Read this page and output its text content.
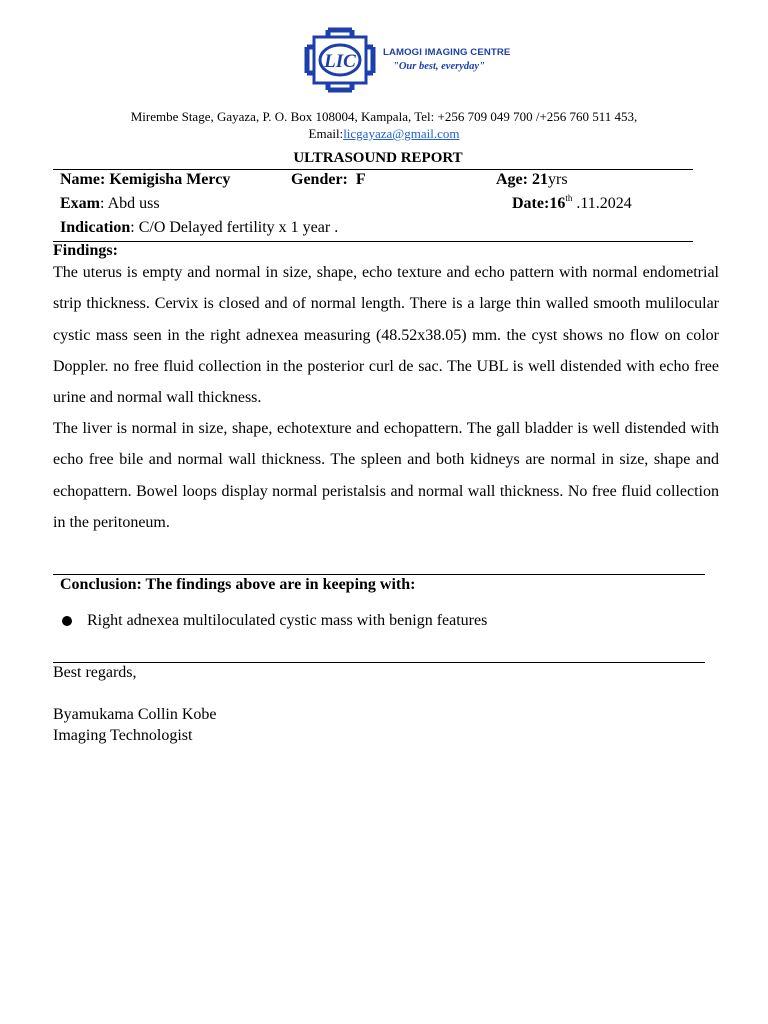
LIC	LAMOGI IMAGING CENTRE
"Our best, everyday"
Mirembe Stage, Gayaza, P. O. Box 108004, Kampala, Tel: +256 709 049 700 /+256 760 511 453,
Email:licgayaza@gmail.com
ULTRASOUND REPORT
Name: Kemigisha Mercy	Gender: F	Age: 21yrs
Exam: Abd uss	Date:16th .11.2024
Indication: C/O Delayed fertility x 1 year .
Findings:

The uterus is empty and normal in size, shape, echo texture and echo pattern with normal endometrial strip thickness. Cervix is closed and of normal length. There is a large thin walled smooth mulilocular cystic mass seen in the right adnexea measuring (48.52x38.05) mm. the cyst shows no flow on color Doppler. no free fluid collection in the posterior curl de sac. The UBL is well distended with echo free urine and normal wall thickness.

The liver is normal in size, shape, echotexture and echopattern. The gall bladder is well distended with echo free bile and normal wall thickness. The spleen and both kidneys are normal in size, shape and echopattern. Bowel loops display normal peristalsis and normal wall thickness. No free fluid collection in the peritoneum.

Conclusion: The findings above are in keeping with:
Right adnexea multiloculated cystic mass with benign features
Best regards,
Byamukama Collin Kobe
Imaging Technologist
